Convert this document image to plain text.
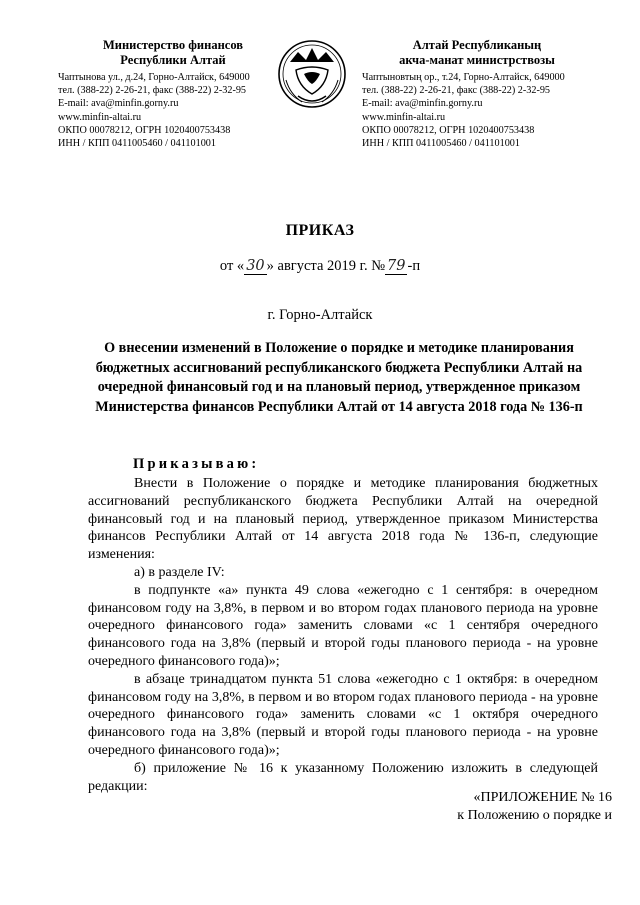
Министерство финансов
Республики Алтай
Чаптынова ул., д.24, Горно-Алтайск, 649000
тел. (388-22) 2-26-21, факс (388-22) 2-32-95
E-mail: ava@minfin.gorny.ru
www.minfin-altai.ru
ОКПО 00078212, ОГРН 1020400753438
ИНН / КПП 0411005460 / 041101001
Алтай Республиканың
акча-манат министрствозы
Чаптыновтың ор., т.24, Горно-Алтайск, 649000
тел. (388-22) 2-26-21, факс (388-22) 2-32-95
E-mail: ava@minfin.gorny.ru
www.minfin-altai.ru
ОКПО 00078212, ОГРН 1020400753438
ИНН / КПП 0411005460 / 041101001
ПРИКАЗ
от « 30 » августа 2019 г. № 79 -п
г. Горно-Алтайск
О внесении изменений в Положение о порядке и методике планирования бюджетных ассигнований республиканского бюджета Республики Алтай на очередной финансовый год и на плановый период, утвержденное приказом Министерства финансов Республики Алтай от 14 августа 2018 года № 136-п
Приказываю:

Внести в Положение о порядке и методике планирования бюджетных ассигнований республиканского бюджета Республики Алтай на очередной финансовый год и на плановый период, утвержденное приказом Министерства финансов Республики Алтай от 14 августа 2018 года № 136-п, следующие изменения:

а) в разделе IV:

в подпункте «а» пункта 49 слова «ежегодно с 1 сентября: в очередном финансовом году на 3,8%, в первом и во втором годах планового периода на уровне очередного финансового года» заменить словами «с 1 сентября очередного финансового года на 3,8% (первый и второй годы планового периода - на уровне очередного финансового года)»;

в абзаце тринадцатом пункта 51 слова «ежегодно с 1 октября: в очередном финансовом году на 3,8%, в первом и во втором годах планового периода - на уровне очередного финансового года» заменить словами «с 1 октября очередного финансового года на 3,8% (первый и второй годы планового периода - на уровне очередного финансового года)»;

б) приложение № 16 к указанному Положению изложить в следующей редакции:

«ПРИЛОЖЕНИЕ № 16
к Положению о порядке и
